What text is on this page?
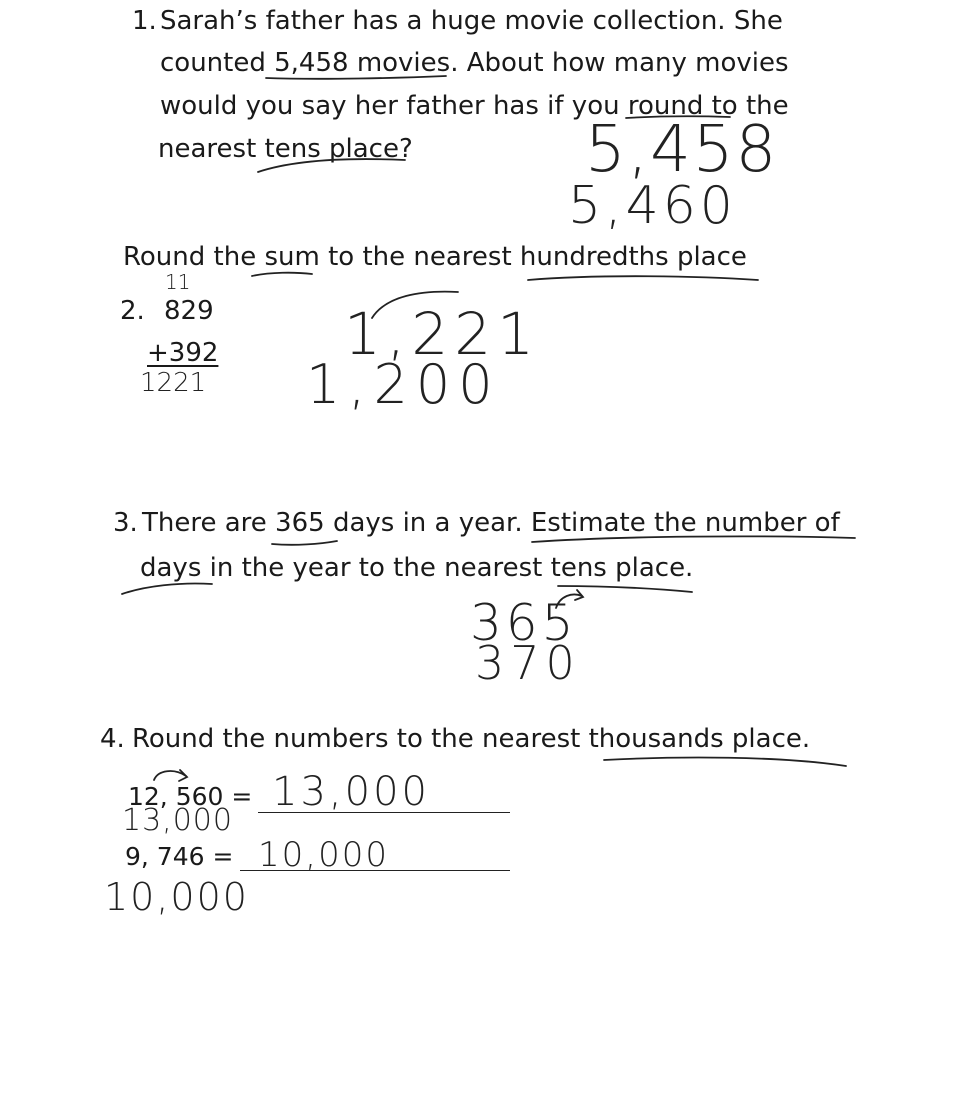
1. Sarah’s father has a huge movie collection. She
counted 5,458 movies. About how many movies
would you say her father has if you round to the
nearest tens place?	5,458
5,460
Round the sum to the nearest hundredths place
2.
11
829
+392
1221
1,221
1,200
3. There are 365 days in a year. Estimate the number of
days in the year to the nearest tens place.
365
370
4. Round the numbers to the nearest thousands place.
12, 560 = 13,000
13,000
9, 746 = 10,000
10,000
